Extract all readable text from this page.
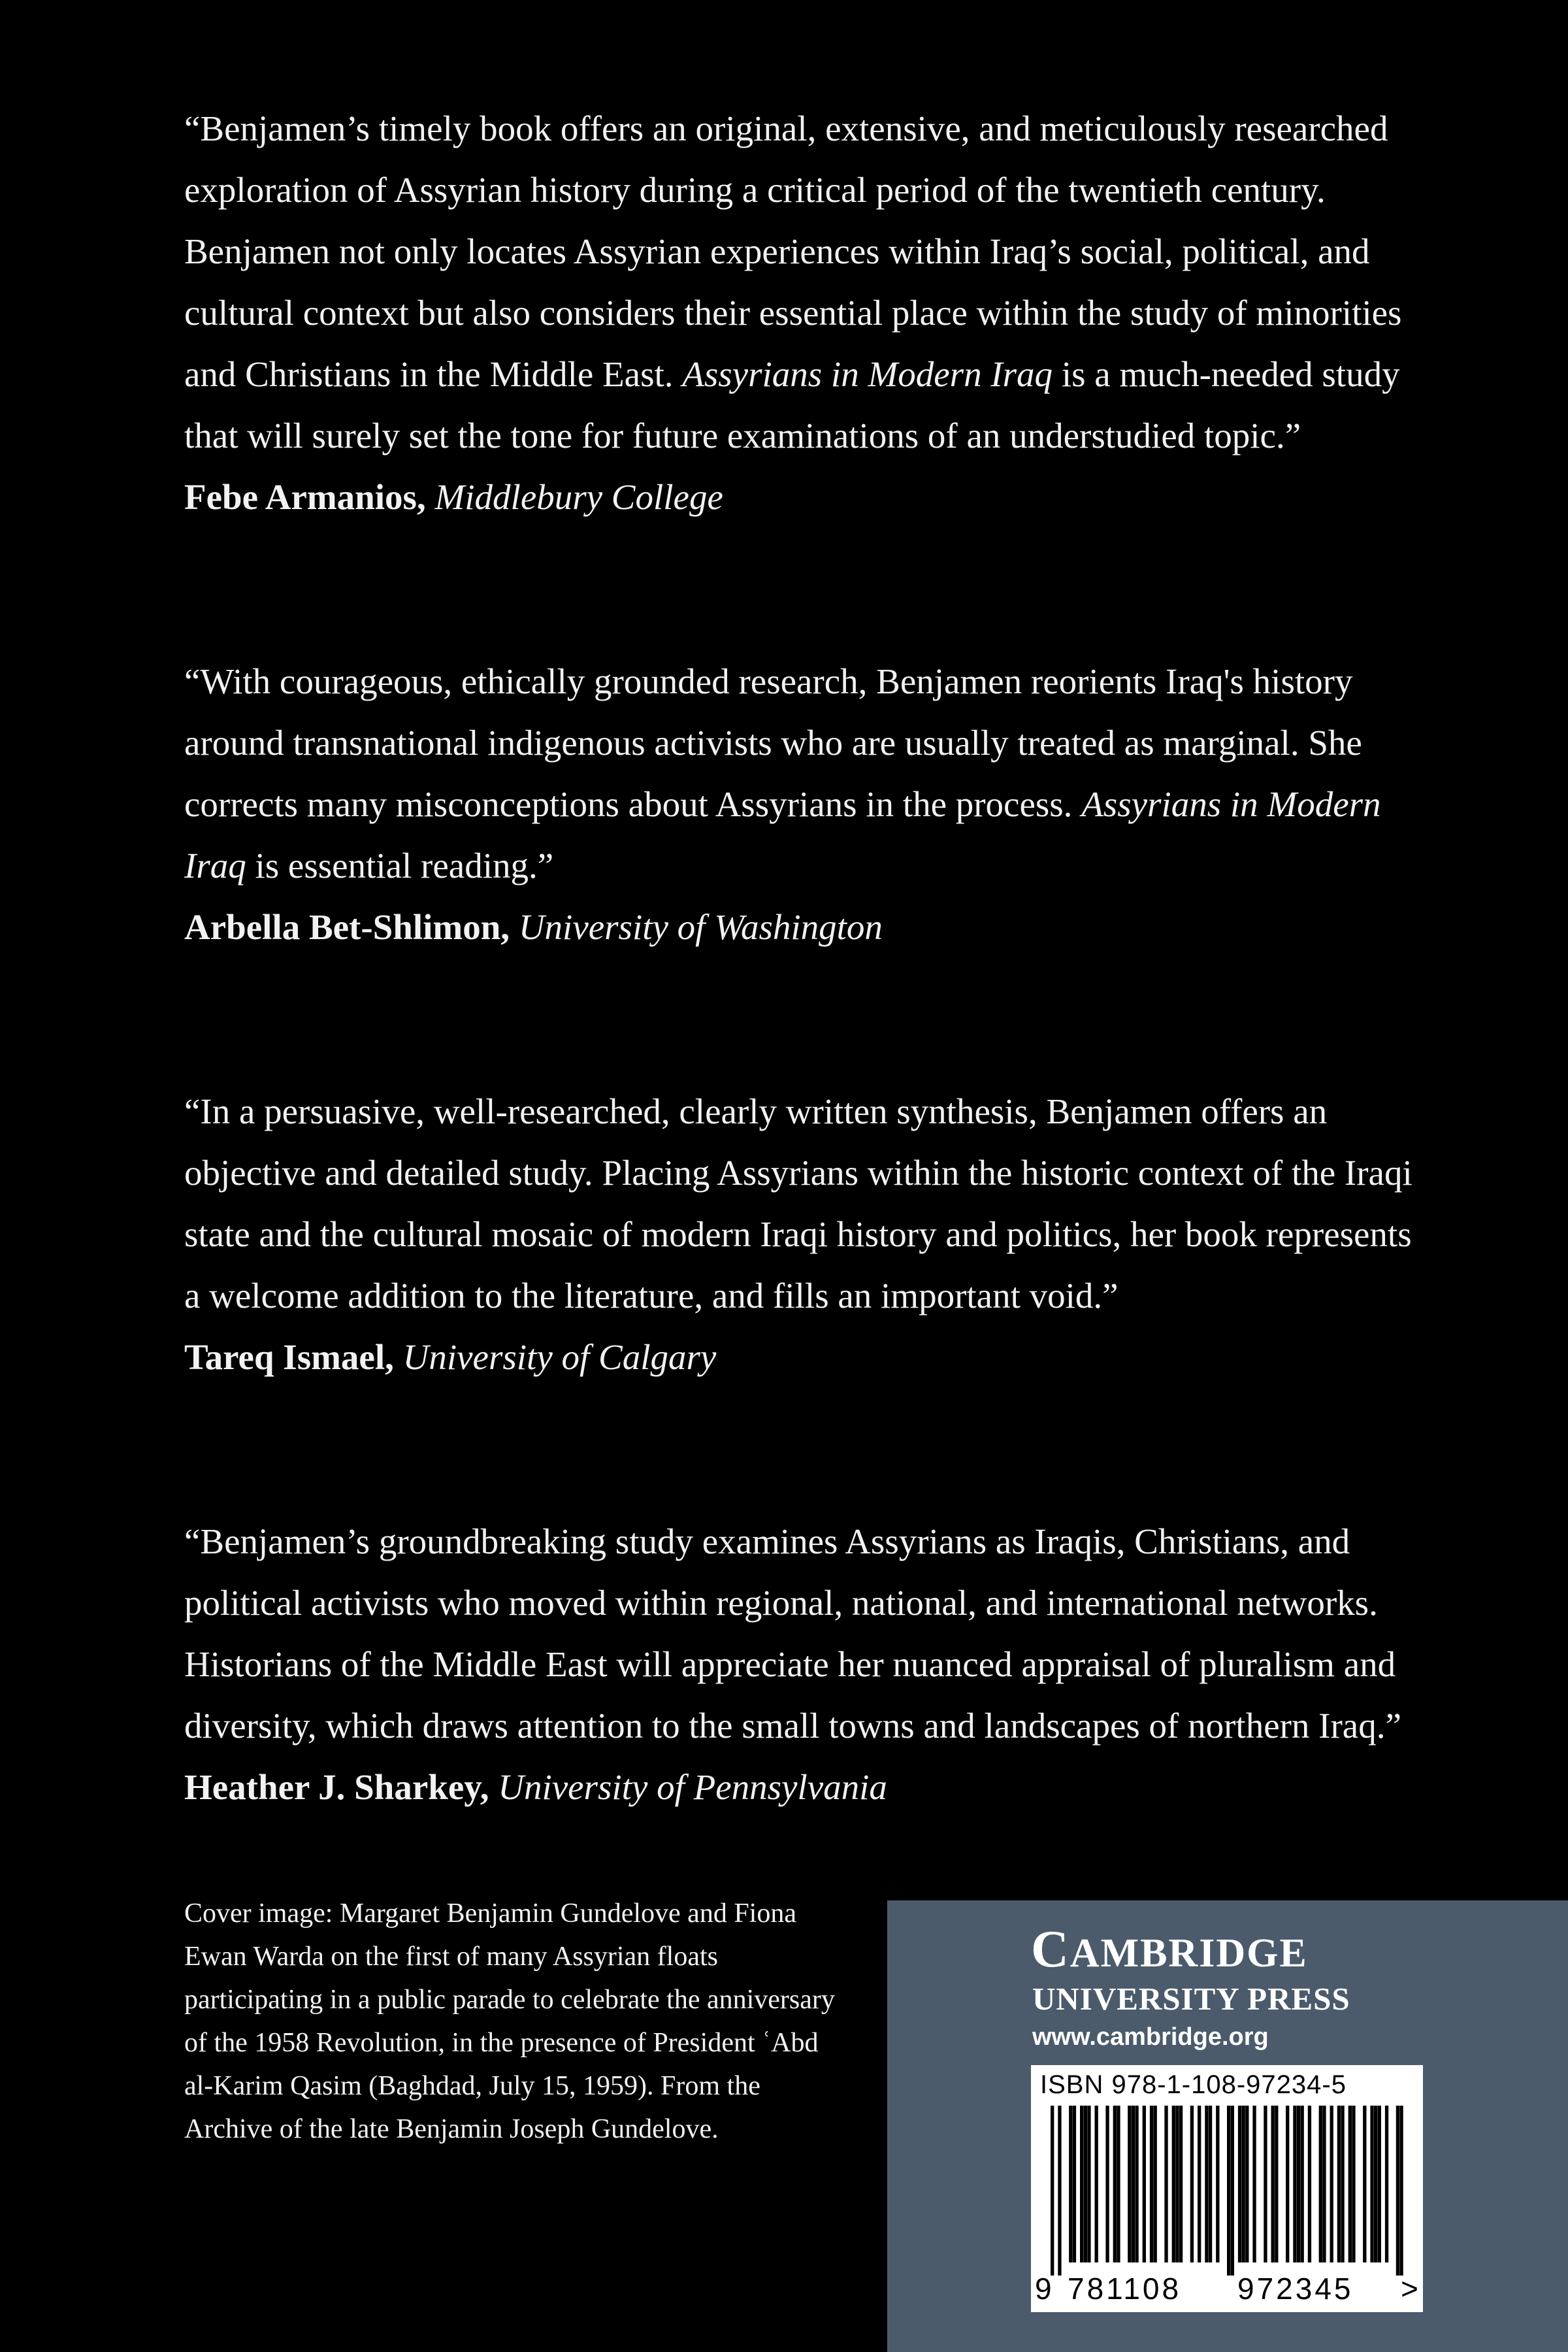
“Benjamen’s timely book offers an original, extensive, and meticulously researched exploration of Assyrian history during a critical period of the twentieth century. Benjamen not only locates Assyrian experiences within Iraq’s social, political, and cultural context but also considers their essential place within the study of minorities and Christians in the Middle East. Assyrians in Modern Iraq is a much-needed study that will surely set the tone for future examinations of an understudied topic.”
Febe Armanios, Middlebury College

“With courageous, ethically grounded research, Benjamen reorients Iraq's history around transnational indigenous activists who are usually treated as marginal. She corrects many misconceptions about Assyrians in the process. Assyrians in Modern Iraq is essential reading.”
Arbella Bet-Shlimon, University of Washington

“In a persuasive, well-researched, clearly written synthesis, Benjamen offers an objective and detailed study. Placing Assyrians within the historic context of the Iraqi state and the cultural mosaic of modern Iraqi history and politics, her book represents a welcome addition to the literature, and fills an important void.”
Tareq Ismael, University of Calgary

“Benjamen’s groundbreaking study examines Assyrians as Iraqis, Christians, and political activists who moved within regional, national, and international networks. Historians of the Middle East will appreciate her nuanced appraisal of pluralism and diversity, which draws attention to the small towns and landscapes of northern Iraq.”
Heather J. Sharkey, University of Pennsylvania

Cover image: Margaret Benjamin Gundelove and Fiona Ewan Warda on the first of many Assyrian floats participating in a public parade to celebrate the anniversary of the 1958 Revolution, in the presence of President ʿAbd al-Karim Qasim (Baghdad, July 15, 1959). From the Archive of the late Benjamin Joseph Gundelove.

CAMBRIDGE
UNIVERSITY PRESS
www.cambridge.org
ISBN 978-1-108-97234-5
9 781108 972345 >
